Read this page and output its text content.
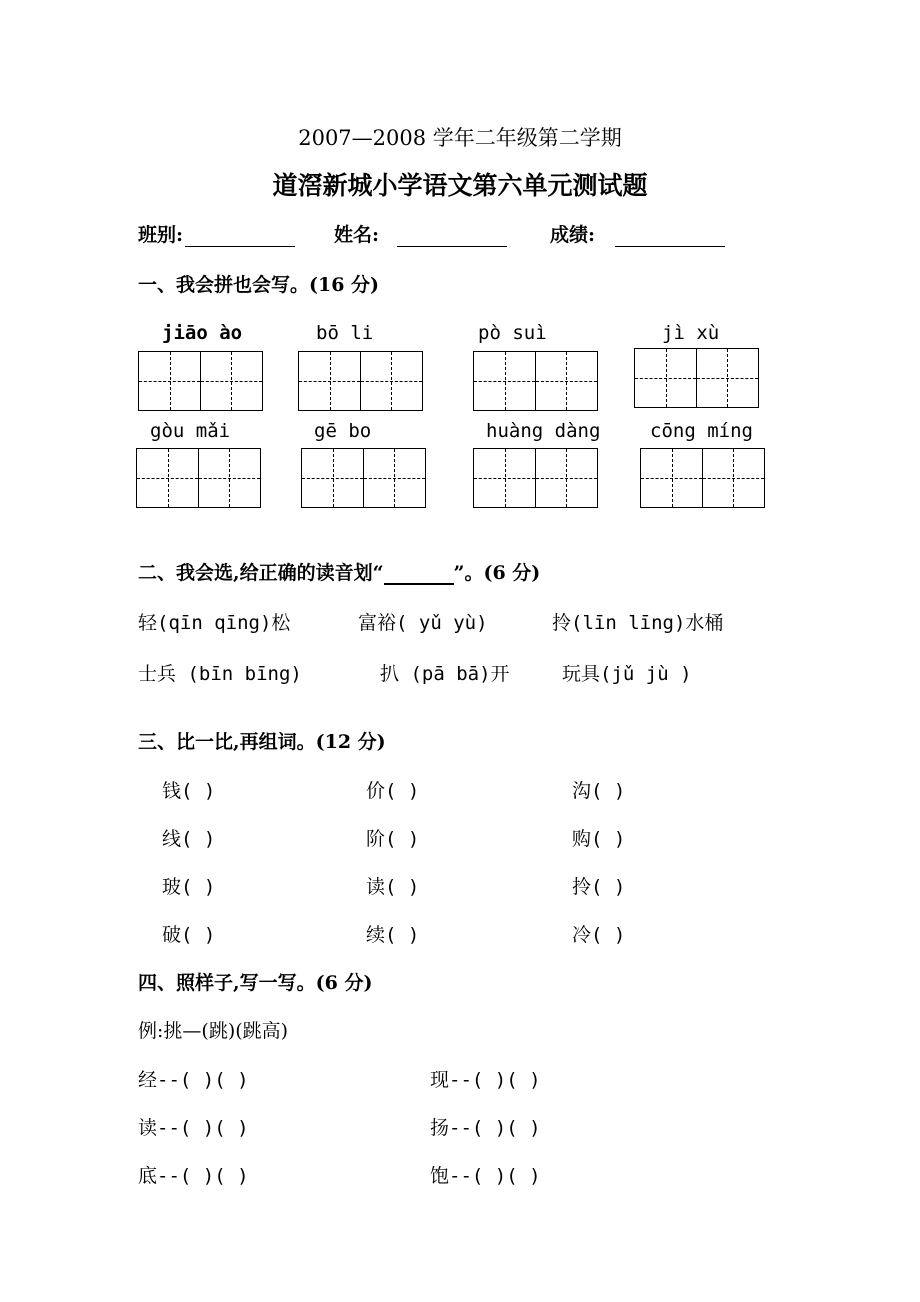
2007—2008 学年二年级第二学期
道滘新城小学语文第六单元测试题
班别:	姓名:	成绩:
一、我会拼也会写。(16 分)
jiāo ào	bō li	pò suì	jì xù
gòu mǎi	gē bo	huàng dàng	cōng míng
二、我会选,给正确的读音划“	”。(6 分)
轻(qīn qīng)松	富裕( yǔ yù)	拎(līn līng)水桶
士兵 (bīn bīng)	扒 (pā bā)开	玩具(jǔ jù )
三、比一比,再组词。(12 分)
钱( )	价( )	沟( )
线( )	阶( )	购( )
玻( )	读( )	拎( )
破( )	续( )	冷( )
四、照样子,写一写。(6 分)
例:挑—(跳)(跳高)
经--( )( )	现--( )( )
读--( )( )	扬--( )( )
底--( )( )	饱--( )( )
